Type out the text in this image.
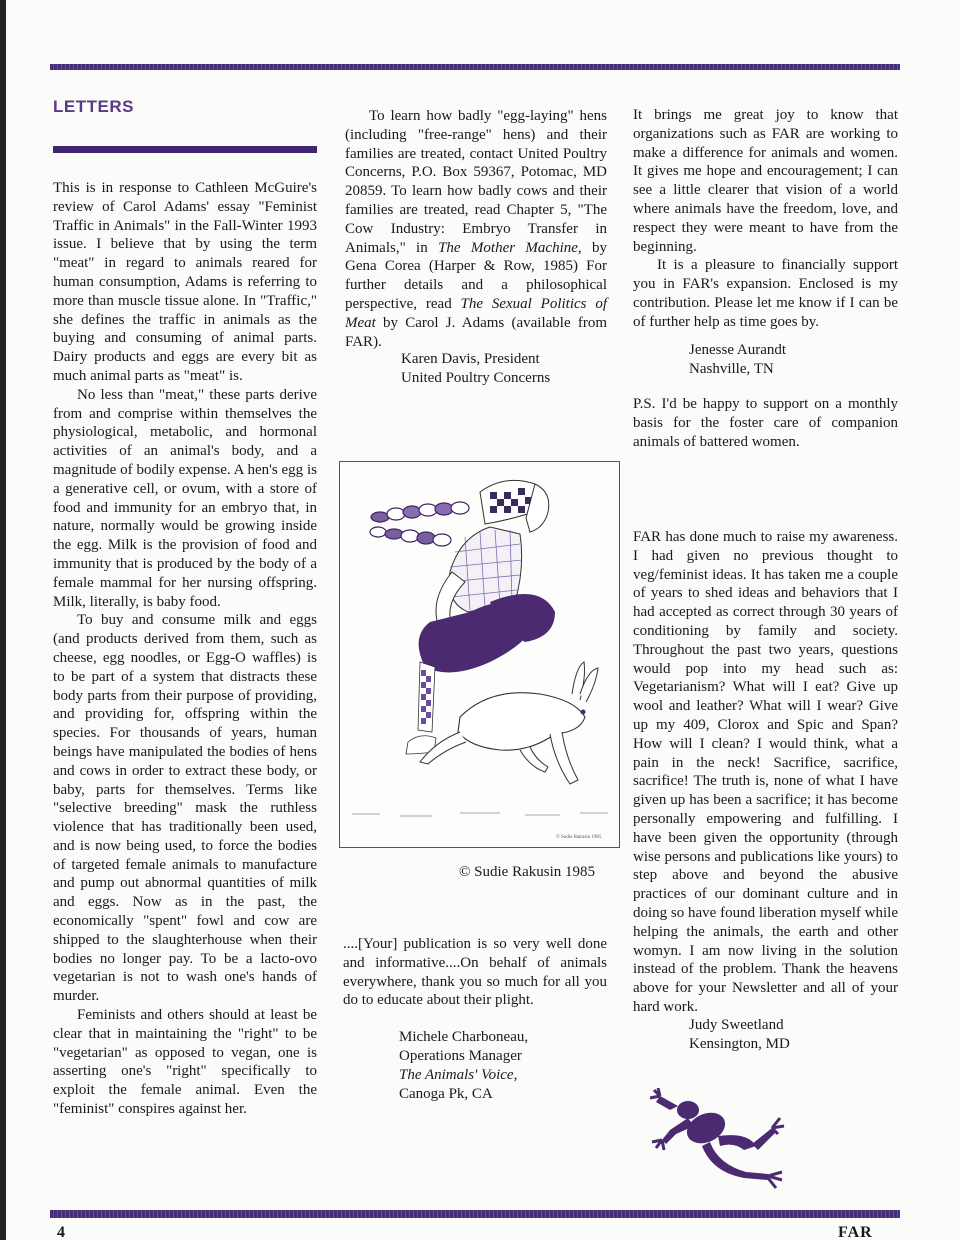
LETTERS

This is in response to Cathleen McGuire's review of Carol Adams' essay "Feminist Traffic in Animals" in the Fall-Winter 1993 issue. I believe that by using the term "meat" in regard to animals reared for human consumption, Adams is referring to more than muscle tissue alone. In "Traffic," she defines the traffic in animals as the buying and consuming of animal parts. Dairy products and eggs are every bit as much animal parts as "meat" is.

No less than "meat," these parts derive from and comprise within themselves the physiological, metabolic, and hormonal activities of an animal's body, and a magnitude of bodily expense. A hen's egg is a generative cell, or ovum, with a store of food and immunity for an embryo that, in nature, normally would be growing inside the egg. Milk is the provision of food and immunity that is produced by the body of a female mammal for her nursing offspring. Milk, literally, is baby food.

To buy and consume milk and eggs (and products derived from them, such as cheese, egg noodles, or Egg-O waffles) is to be part of a system that distracts these body parts from their purpose of providing, and providing for, offspring within the species. For thousands of years, human beings have manipulated the bodies of hens and cows in order to extract these body, or baby, parts for themselves. Terms like "selective breeding" mask the ruthless violence that has traditionally been used, and is now being used, to force the bodies of targeted female animals to manufacture and pump out abnormal quantities of milk and eggs. Now as in the past, the economically "spent" fowl and cow are shipped to the slaughterhouse when their bodies no longer pay. To be a lacto-ovo vegetarian is not to wash one's hands of murder.

Feminists and others should at least be clear that in maintaining the "right" to be "vegetarian" as opposed to vegan, one is asserting one's "right" specifically to exploit the female animal. Even the "feminist" conspires against her.

To learn how badly "egg-laying" hens (including "free-range" hens) and their families are treated, contact United Poultry Concerns, P.O. Box 59367, Potomac, MD 20859. To learn how badly cows and their families are treated, read Chapter 5, "The Cow Industry: Embryo Transfer in Animals," in The Mother Machine, by Gena Corea (Harper & Row, 1985) For further details and a philosophical perspective, read The Sexual Politics of Meat by Carol J. Adams (available from FAR).

Karen Davis, President
United Poultry Concerns
© Sudie Rakusin 1985
© Sudie Rakusin 1985

....[Your] publication is so very well done and informative....On behalf of animals everywhere, thank you so much for all you do to educate about their plight.

Michele Charboneau,
Operations Manager
The Animals' Voice,
Canoga Pk, CA

It brings me great joy to know that organizations such as FAR are working to make a difference for animals and women. It gives me hope and encouragement; I can see a little clearer that vision of a world where animals have the freedom, love, and respect they were meant to have from the beginning.

It is a pleasure to financially support you in FAR's expansion. Enclosed is my contribution. Please let me know if I can be of further help as time goes by.

Jenesse Aurandt
Nashville, TN

P.S. I'd be happy to support on a monthly basis for the foster care of companion animals of battered women.

FAR has done much to raise my awareness. I had given no previous thought to veg/feminist ideas. It has taken me a couple of years to shed ideas and behaviors that I had accepted as correct through 30 years of conditioning by family and society. Throughout the past two years, questions would pop into my head such as: Vegetarianism? What will I eat? Give up wool and leather? What will I wear? Give up my 409, Clorox and Spic and Span? How will I clean? I would think, what a pain in the neck! Sacrifice, sacrifice, sacrifice! The truth is, none of what I have given up has been a sacrifice; it has become personally empowering and fulfilling. I have been given the opportunity (through wise persons and publications like yours) to step above and beyond the abusive practices of our dominant culture and in doing so have found liberation myself while helping the animals, the earth and other womyn. I am now living in the solution instead of the problem. Thank the heavens above for your Newsletter and all of your hard work.

Judy Sweetland
Kensington, MD
4	FAR
